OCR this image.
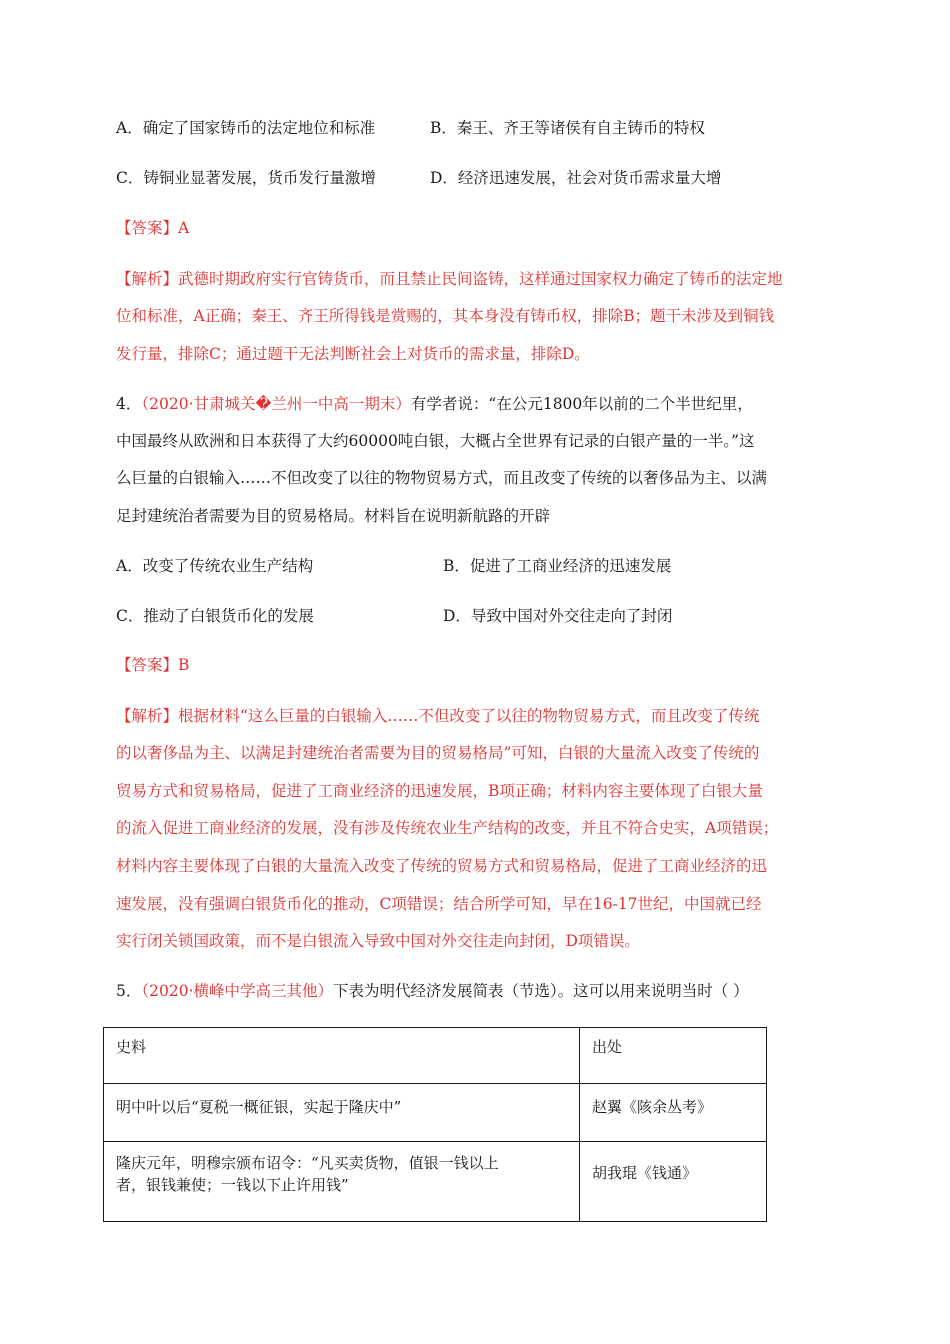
A．确定了国家铸币的法定地位和标准	B．秦王、齐王等诸侯有自主铸币的特权
C．铸铜业显著发展，货币发行量激增	D．经济迅速发展，社会对货币需求量大增
【答案】A
【解析】武德时期政府实行官铸货币，而且禁止民间盗铸，这样通过国家权力确定了铸币的法定地
位和标准，A正确；秦王、齐王所得钱是赏赐的，其本身没有铸币权，排除B；题干未涉及到铜钱
发行量，排除C；通过题干无法判断社会上对货币的需求量，排除D。
4．（2020·甘肃城关�兰州一中高一期末）有学者说：“在公元1800年以前的二个半世纪里，
中国最终从欧洲和日本获得了大约60000吨白银，大概占全世界有记录的白银产量的一半。”这
么巨量的白银输入……不但改变了以往的物物贸易方式，而且改变了传统的以奢侈品为主、以满
足封建统治者需要为目的贸易格局。材料旨在说明新航路的开辟
A．改变了传统农业生产结构	B．促进了工商业经济的迅速发展
C．推动了白银货币化的发展	D．导致中国对外交往走向了封闭
【答案】B
【解析】根据材料“这么巨量的白银输入……不但改变了以往的物物贸易方式，而且改变了传统
的以奢侈品为主、以满足封建统治者需要为目的贸易格局”可知，白银的大量流入改变了传统的
贸易方式和贸易格局，促进了工商业经济的迅速发展，B项正确；材料内容主要体现了白银大量
的流入促进工商业经济的发展，没有涉及传统农业生产结构的改变，并且不符合史实，A项错误；
材料内容主要体现了白银的大量流入改变了传统的贸易方式和贸易格局，促进了工商业经济的迅
速发展，没有强调白银货币化的推动，C项错误；结合所学可知，早在16-17世纪，中国就已经
实行闭关锁国政策，而不是白银流入导致中国对外交往走向封闭，D项错误。
5．（2020·横峰中学高三其他）下表为明代经济发展简表（节选）。这可以用来说明当时（ ）
史料	出处

明中叶以后“夏税一概征银，实起于隆庆中”	赵翼《陔余丛考》

隆庆元年，明穆宗颁布诏令：“凡买卖货物，值银一钱以上
者，银钱兼使；一钱以下止许用钱”	胡我琨《钱通》
